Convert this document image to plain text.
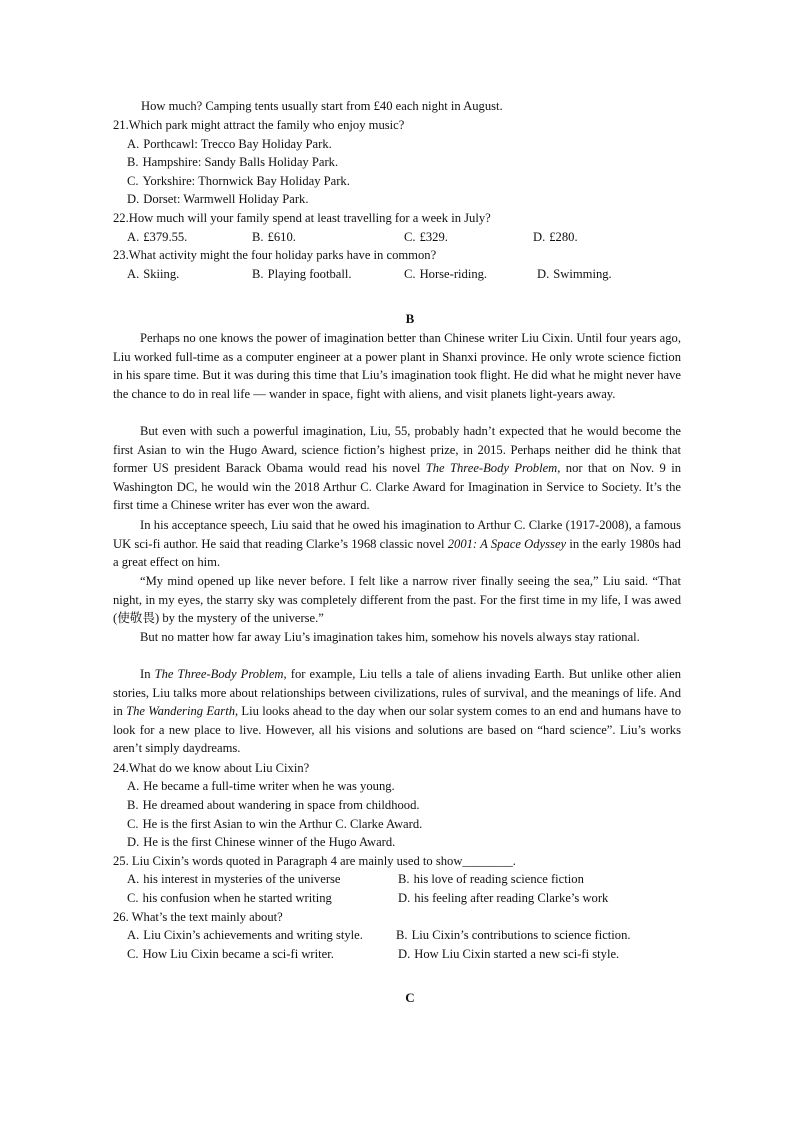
How much? Camping tents usually start from £40 each night in August.
21.Which park might attract the family who enjoy music?
A. Porthcawl: Trecco Bay Holiday Park.
B. Hampshire: Sandy Balls Holiday Park.
C. Yorkshire: Thornwick Bay Holiday Park.
D. Dorset: Warmwell Holiday Park.
22.How much will your family spend at least travelling for a week in July?
A. £379.55.	B. £610.	C. £329.	D. £280.
23.What activity might the four holiday parks have in common?
A. Skiing.	B. Playing football.	C. Horse-riding.	D. Swimming.
B

Perhaps no one knows the power of imagination better than Chinese writer Liu Cixin. Until four years ago, Liu worked full-time as a computer engineer at a power plant in Shanxi province. He only wrote science fiction in his spare time. But it was during this time that Liu’s imagination took flight. He did what he might never have the chance to do in real life — wander in space, fight with aliens, and visit planets light-years away.

But even with such a powerful imagination, Liu, 55, probably hadn’t expected that he would become the first Asian to win the Hugo Award, science fiction’s highest prize, in 2015. Perhaps neither did he think that former US president Barack Obama would read his novel The Three-Body Problem, nor that on Nov. 9 in Washington DC, he would win the 2018 Arthur C. Clarke Award for Imagination in Service to Society. It’s the first time a Chinese writer has ever won the award.

In his acceptance speech, Liu said that he owed his imagination to Arthur C. Clarke (1917-2008), a famous UK sci-fi author. He said that reading Clarke’s 1968 classic novel 2001: A Space Odyssey in the early 1980s had a great effect on him.

“My mind opened up like never before. I felt like a narrow river finally seeing the sea,” Liu said. “That night, in my eyes, the starry sky was completely different from the past. For the first time in my life, I was awed (使敬畏) by the mystery of the universe.”

But no matter how far away Liu’s imagination takes him, somehow his novels always stay rational.

In The Three-Body Problem, for example, Liu tells a tale of aliens invading Earth. But unlike other alien stories, Liu talks more about relationships between civilizations, rules of survival, and the meanings of life. And in The Wandering Earth, Liu looks ahead to the day when our solar system comes to an end and humans have to look for a new place to live. However, all his visions and solutions are based on “hard science”. Liu’s works aren’t simply daydreams.

24.What do we know about Liu Cixin?
A. He became a full-time writer when he was young.
B. He dreamed about wandering in space from childhood.
C. He is the first Asian to win the Arthur C. Clarke Award.
D. He is the first Chinese winner of the Hugo Award.
25. Liu Cixin’s words quoted in Paragraph 4 are mainly used to show________.
A. his interest in mysteries of the universe	B. his love of reading science fiction
C. his confusion when he started writing	D. his feeling after reading Clarke’s work
26. What’s the text mainly about?
A. Liu Cixin’s achievements and writing style.	B. Liu Cixin’s contributions to science fiction.
C. How Liu Cixin became a sci-fi writer.	D. How Liu Cixin started a new sci-fi style.
C
